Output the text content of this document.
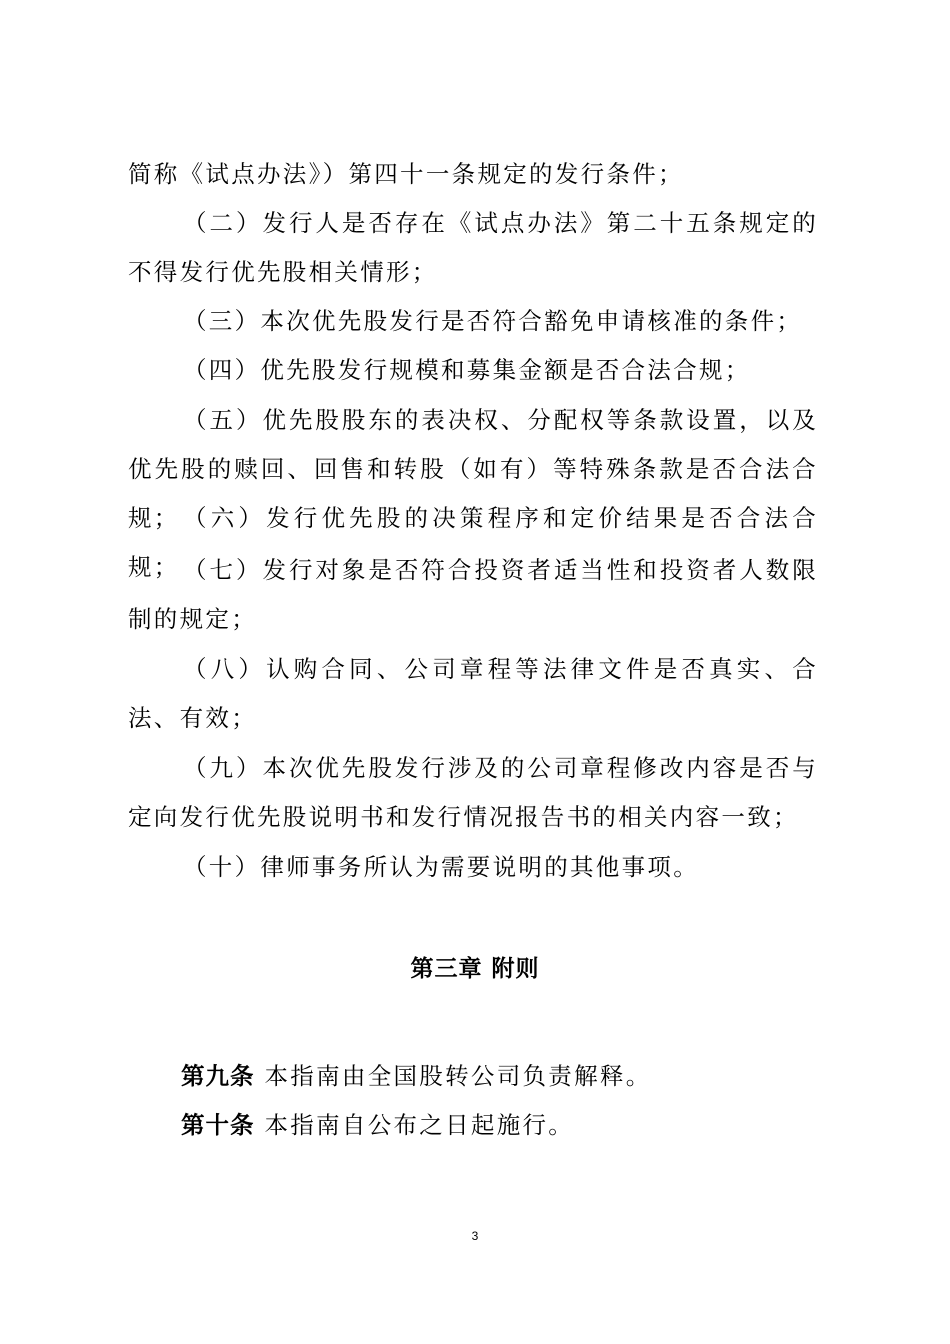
简称《试点办法》）第四十一条规定的发行条件；

（二）发行人是否存在《试点办法》第二十五条规定的不得发行优先股相关情形；

（三）本次优先股发行是否符合豁免申请核准的条件；

（四）优先股发行规模和募集金额是否合法合规；

（五）优先股股东的表决权、分配权等条款设置，以及优先股的赎回、回售和转股（如有）等特殊条款是否合法合规； （六）发行优先股的决策程序和定价结果是否合法合规； （七）发行对象是否符合投资者适当性和投资者人数限制的规定；

（八）认购合同、公司章程等法律文件是否真实、合法、有效；

（九）本次优先股发行涉及的公司章程修改内容是否与定向发行优先股说明书和发行情况报告书的相关内容一致；

（十）律师事务所认为需要说明的其他事项。

第三章 附则

第九条 本指南由全国股转公司负责解释。

第十条 本指南自公布之日起施行。

3
